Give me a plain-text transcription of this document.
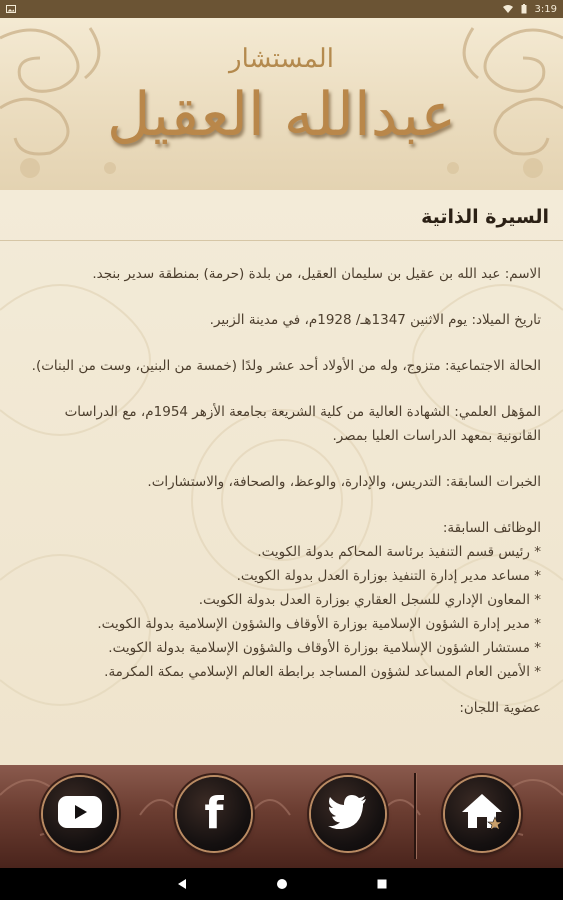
3:19
المستشار
عبدالله العقيل
السيرة الذاتية

الاسم: عبد الله بن عقيل بن سليمان العقيل، من بلدة (حرمة) بمنطقة سدير بنجد.

تاريخ الميلاد: يوم الاثنين 1347هـ/ 1928م، في مدينة الزبير.

الحالة الاجتماعية: متزوج، وله من الأولاد أحد عشر ولدًا (خمسة من البنين، وست من البنات).

المؤهل العلمي: الشهادة العالية من كلية الشريعة بجامعة الأزهر 1954م، مع الدراسات القانونية بمعهد الدراسات العليا بمصر.

الخبرات السابقة: التدريس، والإدارة، والوعظ، والصحافة، والاستشارات.

الوظائف السابقة:

* رئيس قسم التنفيذ برئاسة المحاكم بدولة الكويت.
* مساعد مدير إدارة التنفيذ بوزارة العدل بدولة الكويت.
* المعاون الإداري للسجل العقاري بوزارة العدل بدولة الكويت.
* مدير إدارة الشؤون الإسلامية بوزارة الأوقاف والشؤون الإسلامية بدولة الكويت.
* مستشار الشؤون الإسلامية بوزارة الأوقاف والشؤون الإسلامية بدولة الكويت.
* الأمين العام المساعد لشؤون المساجد برابطة العالم الإسلامي بمكة المكرمة.

عضوية اللجان:

f
